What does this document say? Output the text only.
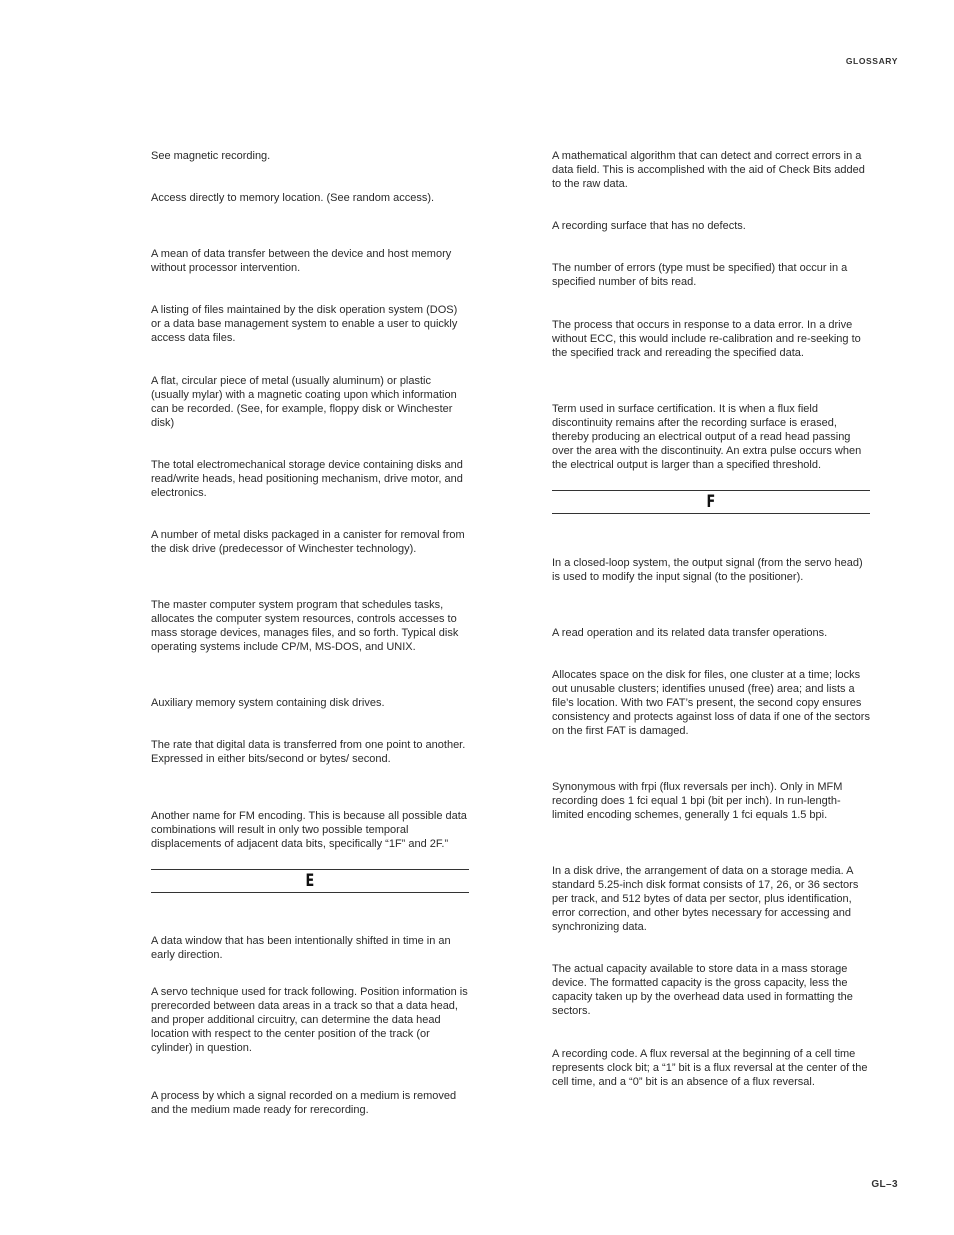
GLOSSARY

See magnetic recording.

Access directly to memory location. (See random access).

A mean of data transfer between the device and host memory without processor intervention.

A listing of files maintained by the disk operation system (DOS) or a data base management system to enable a user to quickly access data files.

A flat, circular piece of metal (usually aluminum) or plastic (usually mylar) with a magnetic coating upon which information can be recorded. (See, for example, floppy disk or Winchester disk)

The total electromechanical storage device containing disks and read/write heads, head positioning mechanism, drive motor, and electronics.

A number of metal disks packaged in a canister for removal from the disk drive (predecessor of Winchester technology).

The master computer system program that schedules tasks, allocates the computer system resources, controls accesses to mass storage devices, manages files, and so forth. Typical disk operating systems include CP/M, MS-DOS, and UNIX.

Auxiliary memory system containing disk drives.

The rate that digital data is transferred from one point to another. Expressed in either bits/second or bytes/ second.

Another name for FM encoding. This is because all possible data combinations will result in only two possible temporal displacements of adjacent data bits, specifically “1F” and 2F.”

E

A data window that has been intentionally shifted in time in an early direction.

A servo technique used for track following. Position information is prerecorded between data areas in a track so that a data head, and proper additional circuitry, can determine the data head location with respect to the center position of the track (or cylinder) in question.

A process by which a signal recorded on a medium is removed and the medium made ready for rerecording.

A mathematical algorithm that can detect and correct errors in a data field. This is accomplished with the aid of Check Bits added to the raw data.

A recording surface that has no defects.

The number of errors (type must be specified) that occur in a specified number of bits read.

The process that occurs in response to a data error. In a drive without ECC, this would include re-calibration and re-seeking to the specified track and rereading the specified data.

Term used in surface certification. It is when a flux field discontinuity remains after the recording surface is erased, thereby producing an electrical output of a read head passing over the area with the discontinuity. An extra pulse occurs when the electrical output is larger than a specified threshold.

F

In a closed-loop system, the output signal (from the servo head) is used to modify the input signal (to the positioner).

A read operation and its related data transfer operations.

Allocates space on the disk for files, one cluster at a time; locks out unusable clusters; identifies unused (free) area; and lists a file’s location. With two FAT’s present, the second copy ensures consistency and protects against loss of data if one of the sectors on the first FAT is damaged.

Synonymous with frpi (flux reversals per inch). Only in MFM recording does 1 fci equal 1 bpi (bit per inch). In run-length-limited encoding schemes, generally 1 fci equals 1.5 bpi.

In a disk drive, the arrangement of data on a storage media. A standard 5.25-inch disk format consists of 17, 26, or 36 sectors per track, and 512 bytes of data per sector, plus identification, error correction, and other bytes necessary for accessing and synchronizing data.

The actual capacity available to store data in a mass storage device. The formatted capacity is the gross capacity, less the capacity taken up by the overhead data used in formatting the sectors.

A recording code. A flux reversal at the beginning of a cell time represents clock bit; a “1” bit is a flux reversal at the center of the cell time, and a “0” bit is an absence of a flux reversal.

GL–3
